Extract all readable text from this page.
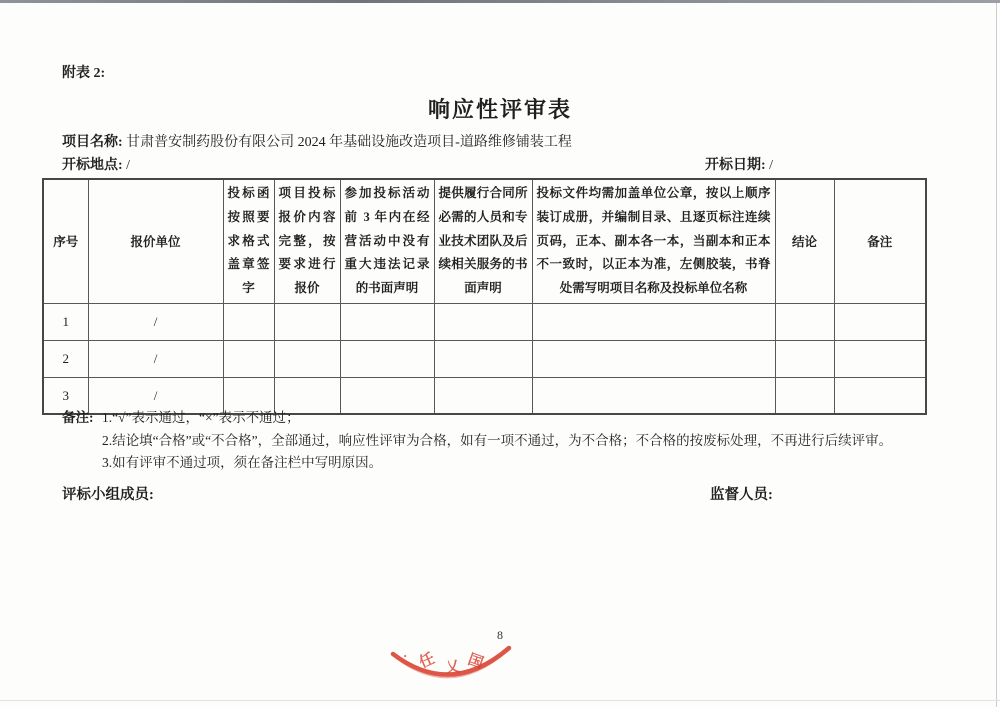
附表 2:
响应性评审表
项目名称: 甘肃普安制药股份有限公司 2024 年基础设施改造项目-道路维修铺装工程
开标地点: /	开标日期: /
序号	报价单位	投标函按照要求格式盖章签字	项目投标报价内容完整，按要求进行报价	参加投标活动前 3 年内在经营活动中没有重大违法记录的书面声明	提供履行合同所必需的人员和专业技术团队及后续相关服务的书面声明	投标文件均需加盖单位公章，按以上顺序装订成册，并编制目录、且逐页标注连续页码，正本、副本各一本，当副本和正本不一致时，以正本为准，左侧胶装，书脊处需写明项目名称及投标单位名称	结论	备注
1	/							
2	/							
3	/							
备注: 1.“√”表示通过，“×”表示不通过；
2.结论填“合格”或“不合格”，全部通过，响应性评审为合格，如有一项不通过，为不合格；不合格的按废标处理，不再进行后续评审。
3.如有评审不通过项，须在备注栏中写明原因。
评标小组成员:	监督人员:
8
· 任 乂 国
